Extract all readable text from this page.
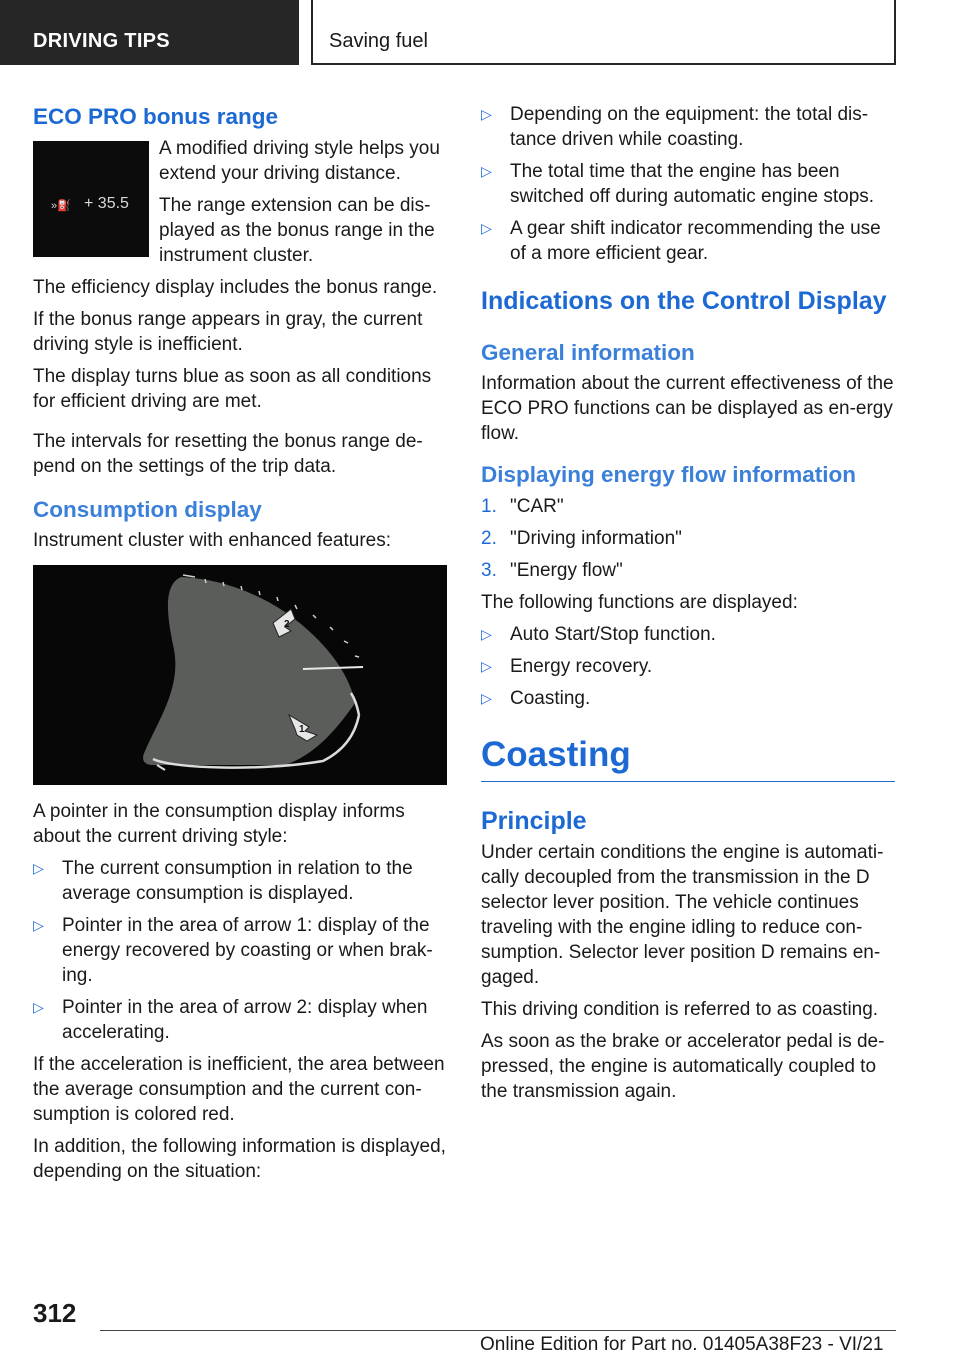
DRIVING TIPS	Saving fuel
ECO PRO bonus range
»⛽ + 35.5

A modified driving style helps you extend your driving distance.

The range extension can be dis-played as the bonus range in the instrument cluster.

The efficiency display includes the bonus range.

If the bonus range appears in gray, the current driving style is inefficient.

The display turns blue as soon as all conditions for efficient driving are met.

The intervals for resetting the bonus range de-pend on the settings of the trip data.

Consumption display

Instrument cluster with enhanced features:

2
1

A pointer in the consumption display informs about the current driving style:

▷ The current consumption in relation to the average consumption is displayed.
▷ Pointer in the area of arrow 1: display of the energy recovered by coasting or when brak-ing.
▷ Pointer in the area of arrow 2: display when accelerating.

If the acceleration is inefficient, the area between the average consumption and the current con-sumption is colored red.

In addition, the following information is displayed, depending on the situation:

▷ Depending on the equipment: the total dis-tance driven while coasting.
▷ The total time that the engine has been switched off during automatic engine stops.
▷ A gear shift indicator recommending the use of a more efficient gear.
Indications on the Control Display
General information

Information about the current effectiveness of the ECO PRO functions can be displayed as en-ergy flow.

Displaying energy flow information
1. "CAR"
2. "Driving information"
3. "Energy flow"

The following functions are displayed:

▷ Auto Start/Stop function.
▷ Energy recovery.
▷ Coasting.
Coasting
Principle

Under certain conditions the engine is automati-cally decoupled from the transmission in the D selector lever position. The vehicle continues traveling with the engine idling to reduce con-sumption. Selector lever position D remains en-gaged.

This driving condition is referred to as coasting.

As soon as the brake or accelerator pedal is de-pressed, the engine is automatically coupled to the transmission again.

312
Online Edition for Part no. 01405A38F23 - VI/21
